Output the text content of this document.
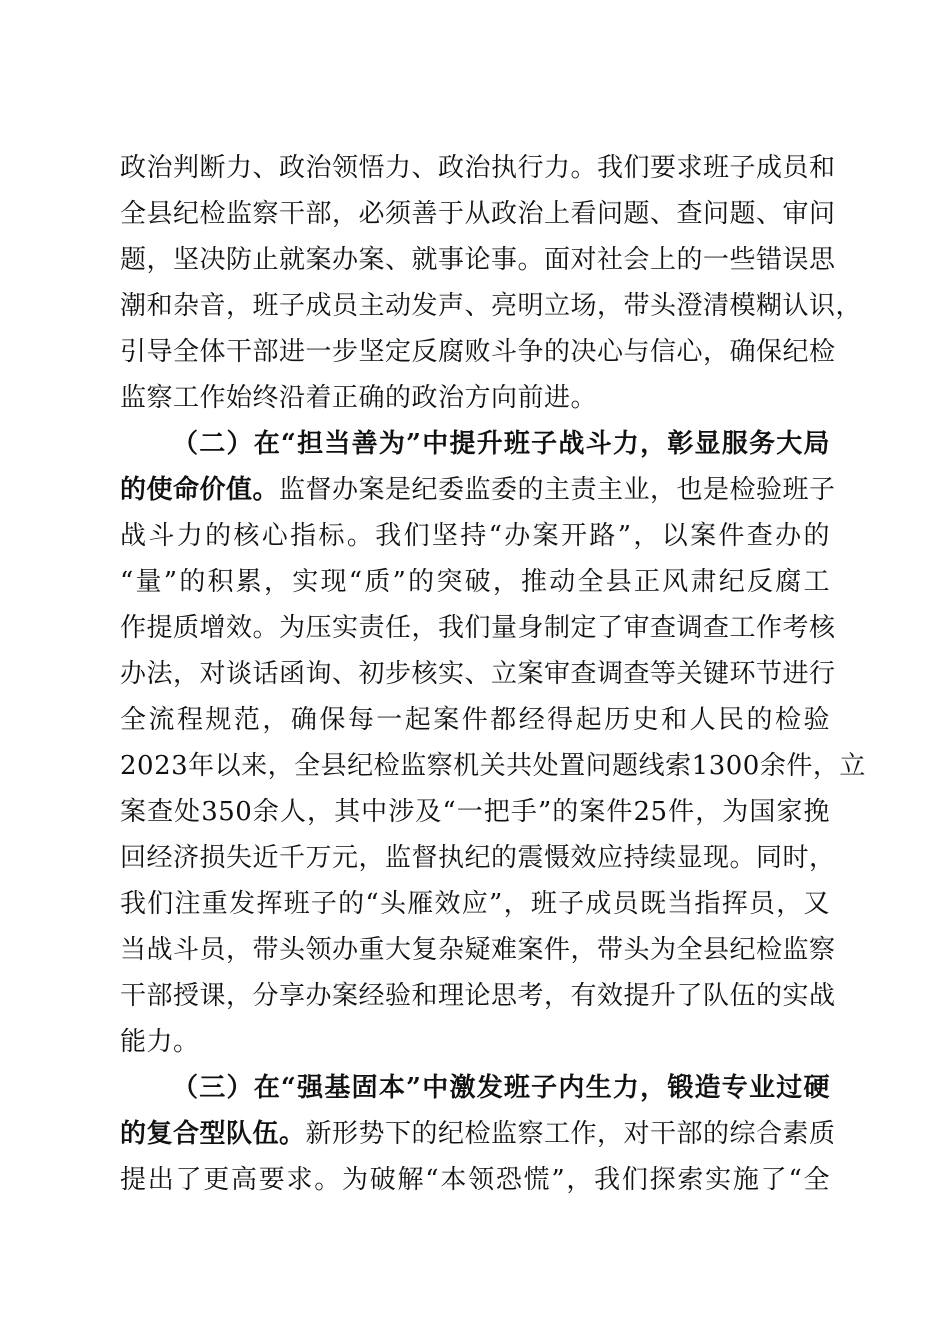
政治判断力、政治领悟力、政治执行力。我们要求班子成员和
全县纪检监察干部，必须善于从政治上看问题、查问题、审问
题，坚决防止就案办案、就事论事。面对社会上的一些错误思
潮和杂音，班子成员主动发声、亮明立场，带头澄清模糊认识，
引导全体干部进一步坚定反腐败斗争的决心与信心，确保纪检
监察工作始终沿着正确的政治方向前进。
（二）在“担当善为”中提升班子战斗力，彰显服务大局
的使命价值。监督办案是纪委监委的主责主业，也是检验班子
战斗力的核心指标。我们坚持“办案开路”，以案件查办的
“量”的积累，实现“质”的突破，推动全县正风肃纪反腐工
作提质增效。为压实责任，我们量身制定了审查调查工作考核
办法，对谈话函询、初步核实、立案审查调查等关键环节进行
全流程规范，确保每一起案件都经得起历史和人民的检验
2023年以来，全县纪检监察机关共处置问题线索1300余件，立
案查处350余人，其中涉及“一把手”的案件25件，为国家挽
回经济损失近千万元，监督执纪的震慑效应持续显现。同时，
我们注重发挥班子的“头雁效应”，班子成员既当指挥员，又
当战斗员，带头领办重大复杂疑难案件，带头为全县纪检监察
干部授课，分享办案经验和理论思考，有效提升了队伍的实战
能力。
（三）在“强基固本”中激发班子内生力，锻造专业过硬
的复合型队伍。新形势下的纪检监察工作，对干部的综合素质
提出了更高要求。为破解“本领恐慌”，我们探索实施了“全
